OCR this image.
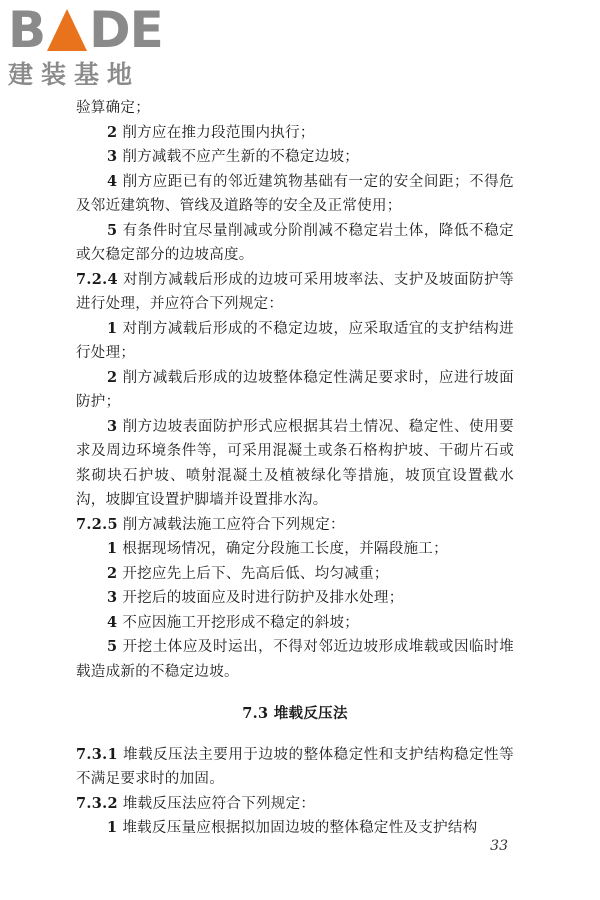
B DE
建装基地

验算确定；

2 削方应在推力段范围内执行；

3 削方减载不应产生新的不稳定边坡；

4 削方应距已有的邻近建筑物基础有一定的安全间距；不得危及邻近建筑物、管线及道路等的安全及正常使用；

5 有条件时宜尽量削减或分阶削减不稳定岩土体，降低不稳定或欠稳定部分的边坡高度。

7.2.4 对削方减载后形成的边坡可采用坡率法、支护及坡面防护等进行处理，并应符合下列规定：

1 对削方减载后形成的不稳定边坡，应采取适宜的支护结构进行处理；

2 削方减载后形成的边坡整体稳定性满足要求时，应进行坡面防护；

3 削方边坡表面防护形式应根据其岩土情况、稳定性、使用要求及周边环境条件等，可采用混凝土或条石格构护坡、干砌片石或浆砌块石护坡、喷射混凝土及植被绿化等措施，坡顶宜设置截水沟，坡脚宜设置护脚墙并设置排水沟。

7.2.5 削方减载法施工应符合下列规定：

1 根据现场情况，确定分段施工长度，并隔段施工；

2 开挖应先上后下、先高后低、均匀减重；

3 开挖后的坡面应及时进行防护及排水处理；

4 不应因施工开挖形成不稳定的斜坡；

5 开挖土体应及时运出，不得对邻近边坡形成堆载或因临时堆载造成新的不稳定边坡。

7.3 堆载反压法

7.3.1 堆载反压法主要用于边坡的整体稳定性和支护结构稳定性等不满足要求时的加固。

7.3.2 堆载反压法应符合下列规定：

1 堆载反压量应根据拟加固边坡的整体稳定性及支护结构

33
